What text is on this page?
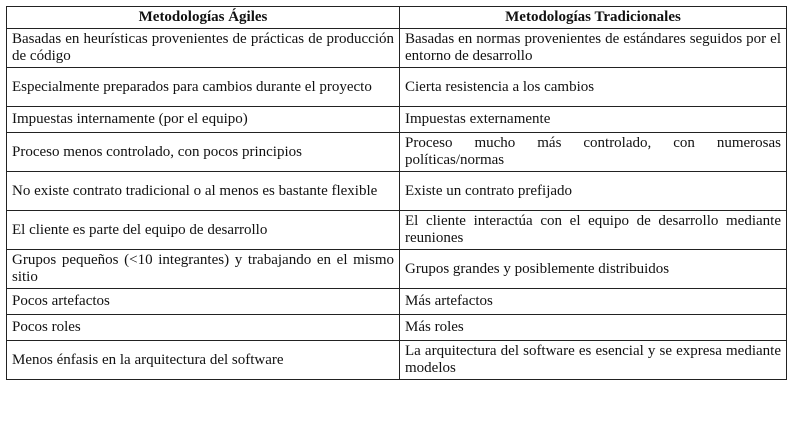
Metodologías Ágiles	Metodologías Tradicionales
Basadas en heurísticas provenientes de prácticas de producción de código	Basadas en normas provenientes de estándares seguidos por el entorno de desarrollo
Especialmente preparados para cambios durante el proyecto	Cierta resistencia a los cambios
Impuestas internamente (por el equipo)	Impuestas externamente
Proceso menos controlado, con pocos principios	Proceso mucho más controlado, con numerosas políticas/normas
No existe contrato tradicional o al menos es bastante flexible	Existe un contrato prefijado
El cliente es parte del equipo de desarrollo	El cliente interactúa con el equipo de desarrollo mediante reuniones
Grupos pequeños (<10 integrantes) y trabajando en el mismo sitio	Grupos grandes y posiblemente distribuidos
Pocos artefactos	Más artefactos
Pocos roles	Más roles
Menos énfasis en la arquitectura del software	La arquitectura del software es esencial y se expresa mediante modelos
